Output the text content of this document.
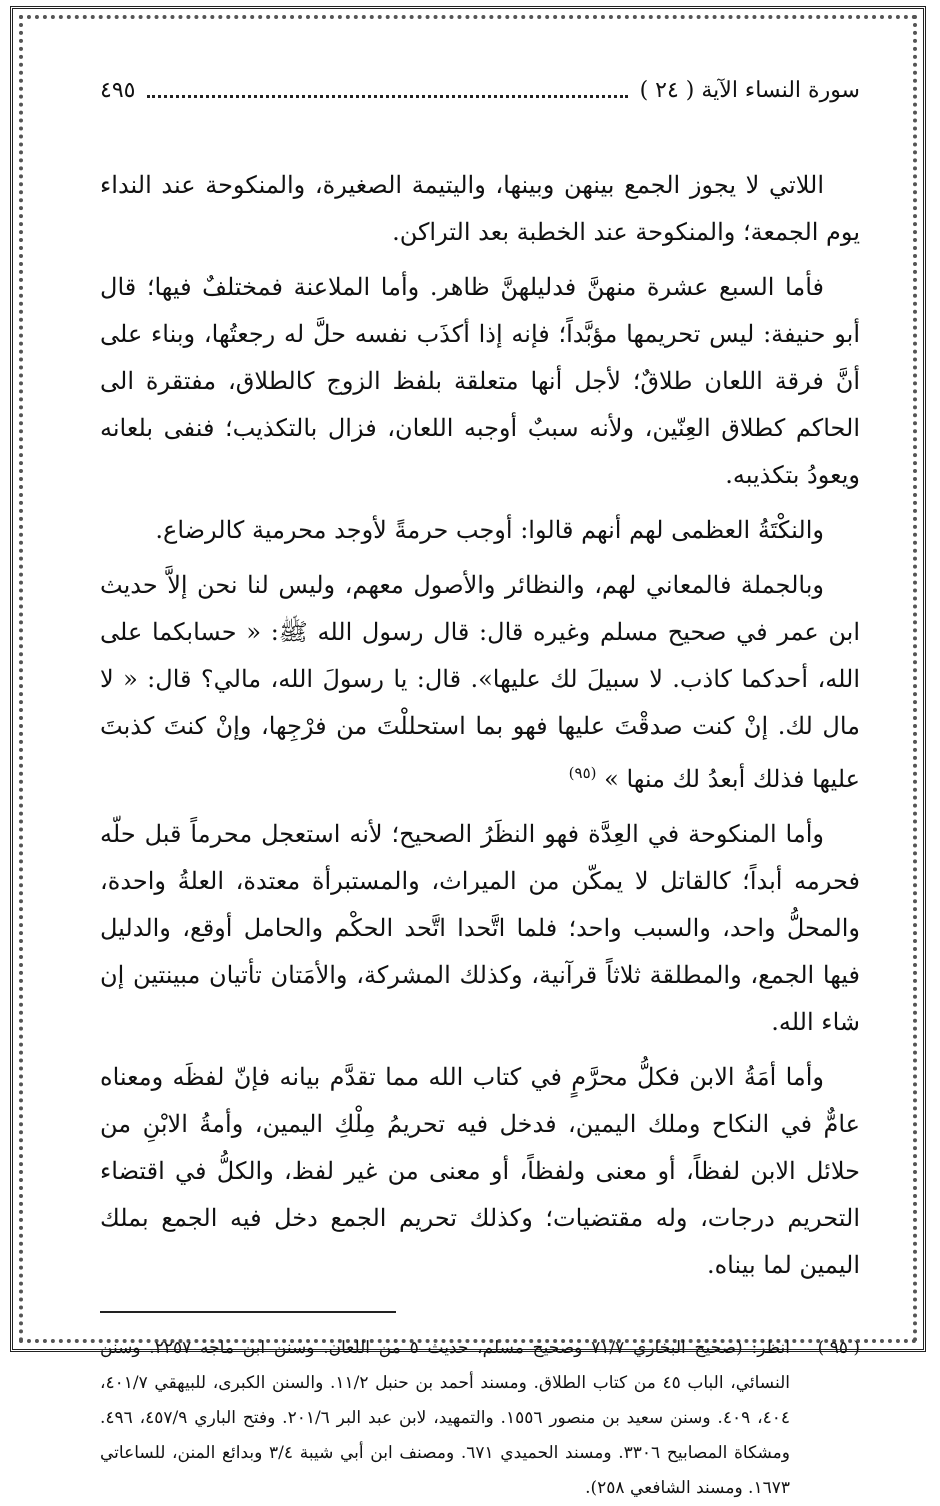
سورة النساء الآية ( ٢٤ )
٤٩٥

اللاتي لا يجوز الجمع بينهن وبينها، واليتيمة الصغيرة، والمنكوحة عند النداء يوم الجمعة؛ والمنكوحة عند الخطبة بعد التراكن.

فأما السبع عشرة منهنَّ فدليلهنَّ ظاهر. وأما الملاعنة فمختلفٌ فيها؛ قال أبو حنيفة: ليس تحريمها مؤبَّداً؛ فإنه إذا أكذَب نفسه حلَّ له رجعتُها، وبناء على أنَّ فرقة اللعان طلاقٌ؛ لأجل أنها متعلقة بلفظ الزوج كالطلاق، مفتقرة الى الحاكم كطلاق العِنّين، ولأنه سببٌ أوجبه اللعان، فزال بالتكذيب؛ فنفى بلعانه ويعودُ بتكذيبه.

والنكْتَةُ العظمى لهم أنهم قالوا: أوجب حرمةً لأوجد محرمية كالرضاع.

وبالجملة فالمعاني لهم، والنظائر والأصول معهم، وليس لنا نحن إلاَّ حديث ابن عمر في صحيح مسلم وغيره قال: قال رسول الله ﷺ: « حسابكما على الله، أحدكما كاذب. لا سبيلَ لك عليها». قال: يا رسولَ الله، مالي؟ قال: « لا مال لك. إنْ كنت صدقْتَ عليها فهو بما استحللْتَ من فرْجِها، وإنْ كنتَ كذبتَ عليها فذلك أبعدُ لك منها » $^{(٩٥)}$

وأما المنكوحة في العِدَّة فهو النظَرُ الصحيح؛ لأنه استعجل محرماً قبل حلّه فحرمه أبداً؛ كالقاتل لا يمكّن من الميراث، والمستبرأة معتدة، العلةُ واحدة، والمحلُّ واحد، والسبب واحد؛ فلما اتَّحدا اتَّحد الحكْم والحامل أوقع، والدليل فيها الجمع، والمطلقة ثلاثاً قرآنية، وكذلك المشركة، والأمَتان تأتيان مبينتين إن شاء الله.

وأما أمَةُ الابن فكلُّ محرَّمٍ في كتاب الله مما تقدَّم بيانه فإنّ لفظَه ومعناه عامٌّ في النكاح وملك اليمين، فدخل فيه تحريمُ مِلْكِ اليمين، وأمةُ الابْنِ من حلائل الابن لفظاً، أو معنى ولفظاً، أو معنى من غير لفظ، والكلُّ في اقتضاء التحريم درجات، وله مقتضيات؛ وكذلك تحريم الجمع دخل فيه الجمع بملك اليمين لما بيناه.

( ٩٥ )
انظر: (صحيح البخاري ٧١/٧ وصحيح مسلم، حديث ٥ من اللعان. وسنن ابن ماجه ٢٢٥٧. وسنن النسائي، الباب ٤٥ من كتاب الطلاق. ومسند أحمد بن حنبل ١١/٢. والسنن الكبرى، للبيهقي ٤٠١/٧، ٤٠٤، ٤٠٩. وسنن سعيد بن منصور ١٥٥٦. والتمهيد، لابن عبد البر ٢٠١/٦. وفتح الباري ٤٥٧/٩، ٤٩٦. ومشكاة المصابيح ٣٣٠٦. ومسند الحميدي ٦٧١. ومصنف ابن أبي شيبة ٣/٤ وبدائع المنن، للساعاتي ١٦٧٣. ومسند الشافعي ٢٥٨).
